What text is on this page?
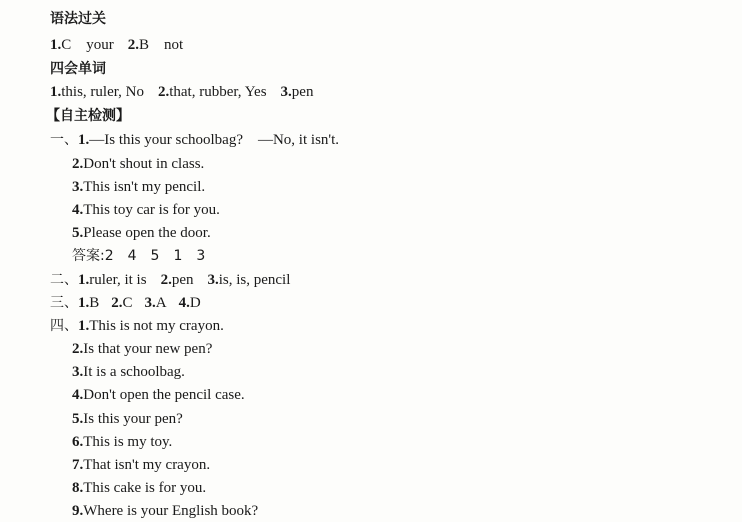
语法过关
1.C　your 2.B　not
四会单词
1.this, ruler, No 2.that, rubber, Yes 3.pen
【自主检测】
一、1.—Is this your schoolbag?　—No, it isn't.
2.Don't shout in class.
3.This isn't my pencil.
4.This toy car is for you.
5.Please open the door.
答案:2　4　5　1　3
二、1.ruler, it is 2.pen 3.is, is, pencil
三、1.B 2.C 3.A 4.D
四、1.This is not my crayon.
2.Is that your new pen?
3.It is a schoolbag.
4.Don't open the pencil case.
5.Is this your pen?
6.This is my toy.
7.That isn't my crayon.
8.This cake is for you.
9.Where is your English book?
